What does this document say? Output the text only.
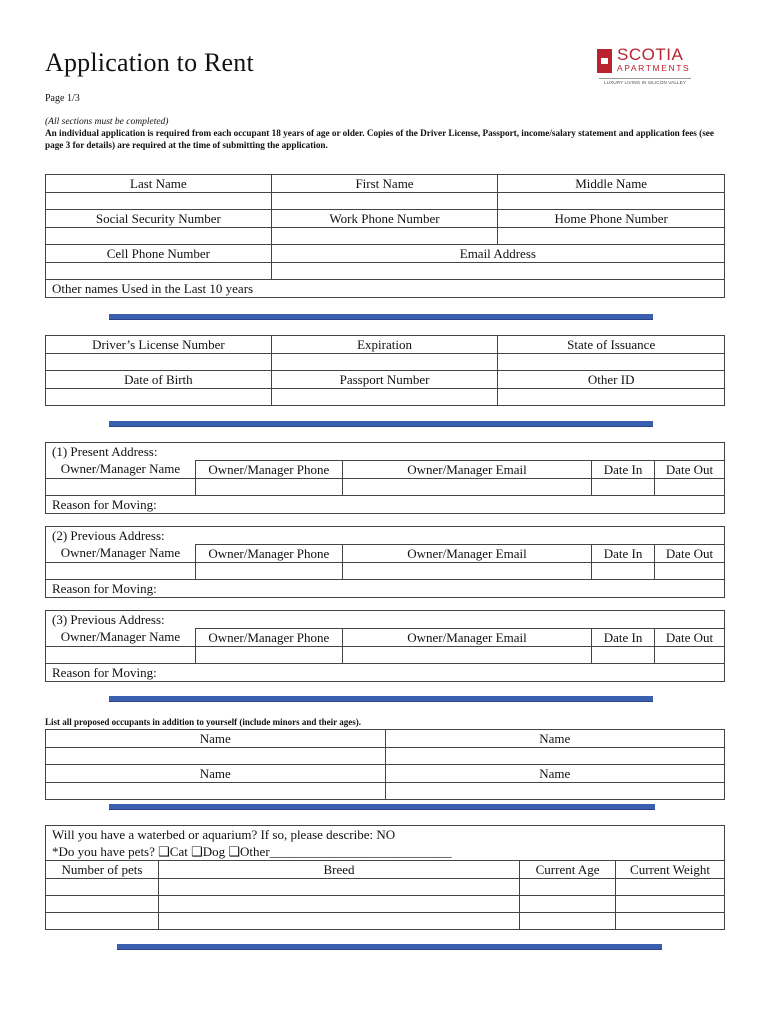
Application to Rent
Page 1/3
(All sections must be completed)
An individual application is required from each occupant 18 years of age or older. Copies of the Driver License, Passport, income/salary statement and application fees (see page 3 for details) are required at the time of submitting the application.
SCOTIA
APARTMENTS
LUXURY LIVING IN SILICON VALLEY
Last Name	First Name	Middle Name

Social Security Number	Work Phone Number	Home Phone Number

Cell Phone Number	Email Address	

Other names Used in the Last 10 years		
Driver’s License Number	Expiration	State of Issuance

Date of Birth	Passport Number	Other ID

(1) Present Address:				
Owner/Manager Name	Owner/Manager Phone	Owner/Manager Email	Date In	Date Out

Reason for Moving:				
(2) Previous Address:				
Owner/Manager Name	Owner/Manager Phone	Owner/Manager Email	Date In	Date Out

Reason for Moving:				
(3) Previous Address:				
Owner/Manager Name	Owner/Manager Phone	Owner/Manager Email	Date In	Date Out

Reason for Moving:				
List all proposed occupants in addition to yourself (include minors and their ages).
Name	Name

Name	Name

Will you have a waterbed or aquarium? If so, please describe: NO			
*Do you have pets? ❑Cat ❑Dog ❑Other____________________________			
Number of pets	Breed	Current Age	Current Weight
